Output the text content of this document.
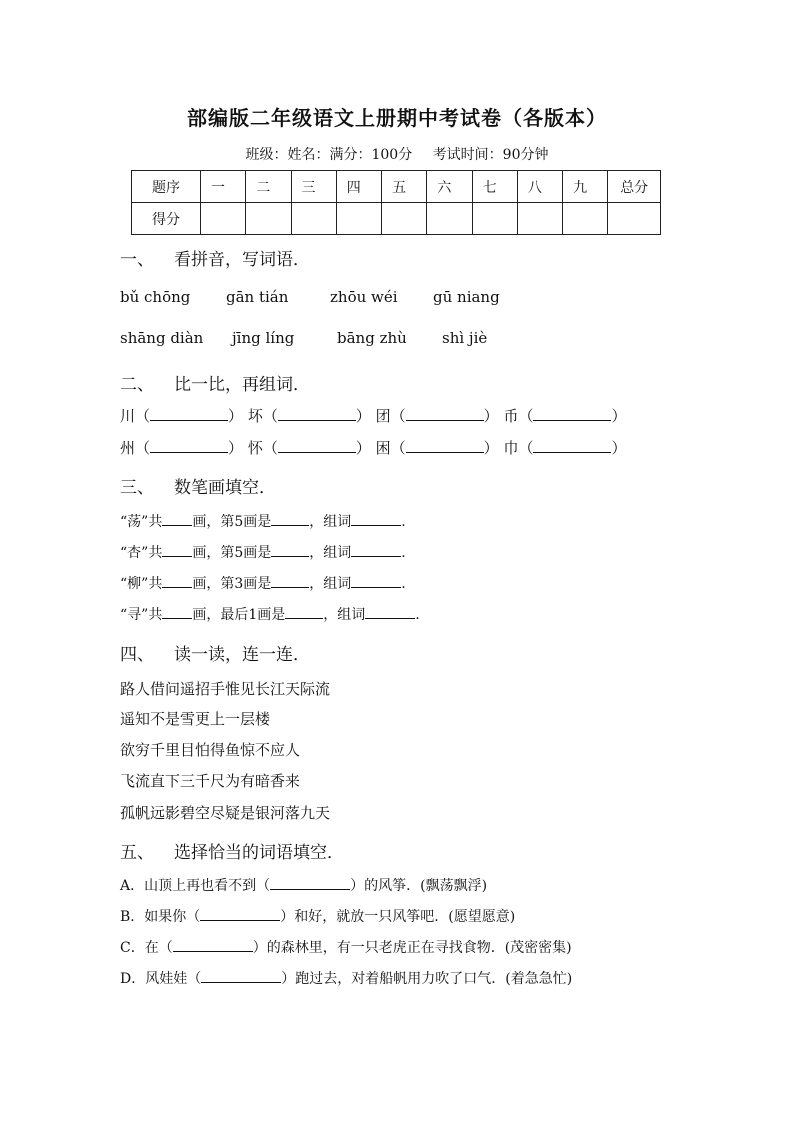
部编版二年级语文上册期中考试卷（各版本）
班级：姓名：满分：100分 考试时间：90分钟
题序	一	二	三	四	五	六	七	八	九	总分
得分										
一、 看拼音，写词语．
bǔ chōng gān tián	zhōu wéi gū niang
shāng diàn jīng líng	bāng zhù shì jiè
二、 比一比，再组词．
川（	） 坏（	） 团（	） 币（	）
州（	） 怀（	） 困（	） 巾（	）
三、 数笔画填空．
“荡”共 画，第5画是	，组词	.
“杏”共 画，第5画是	，组词	.
“柳”共 画，第3画是	，组词	.
“寻”共 画，最后1画是	，组词	.
四、 读一读，连一连．
路人借问遥招手惟见长江天际流
遥知不是雪更上一层楼
欲穷千里目怕得鱼惊不应人
飞流直下三千尺为有暗香来
孤帆远影碧空尽疑是银河落九天
五、 选择恰当的词语填空．
A．山顶上再也看不到（	）的风筝．(飘荡飘浮)
B．如果你（	）和好，就放一只风筝吧．(愿望愿意)
C．在（	）的森林里，有一只老虎正在寻找食物．(茂密密集)
D．风娃娃（	）跑过去，对着船帆用力吹了口气．(着急急忙)
